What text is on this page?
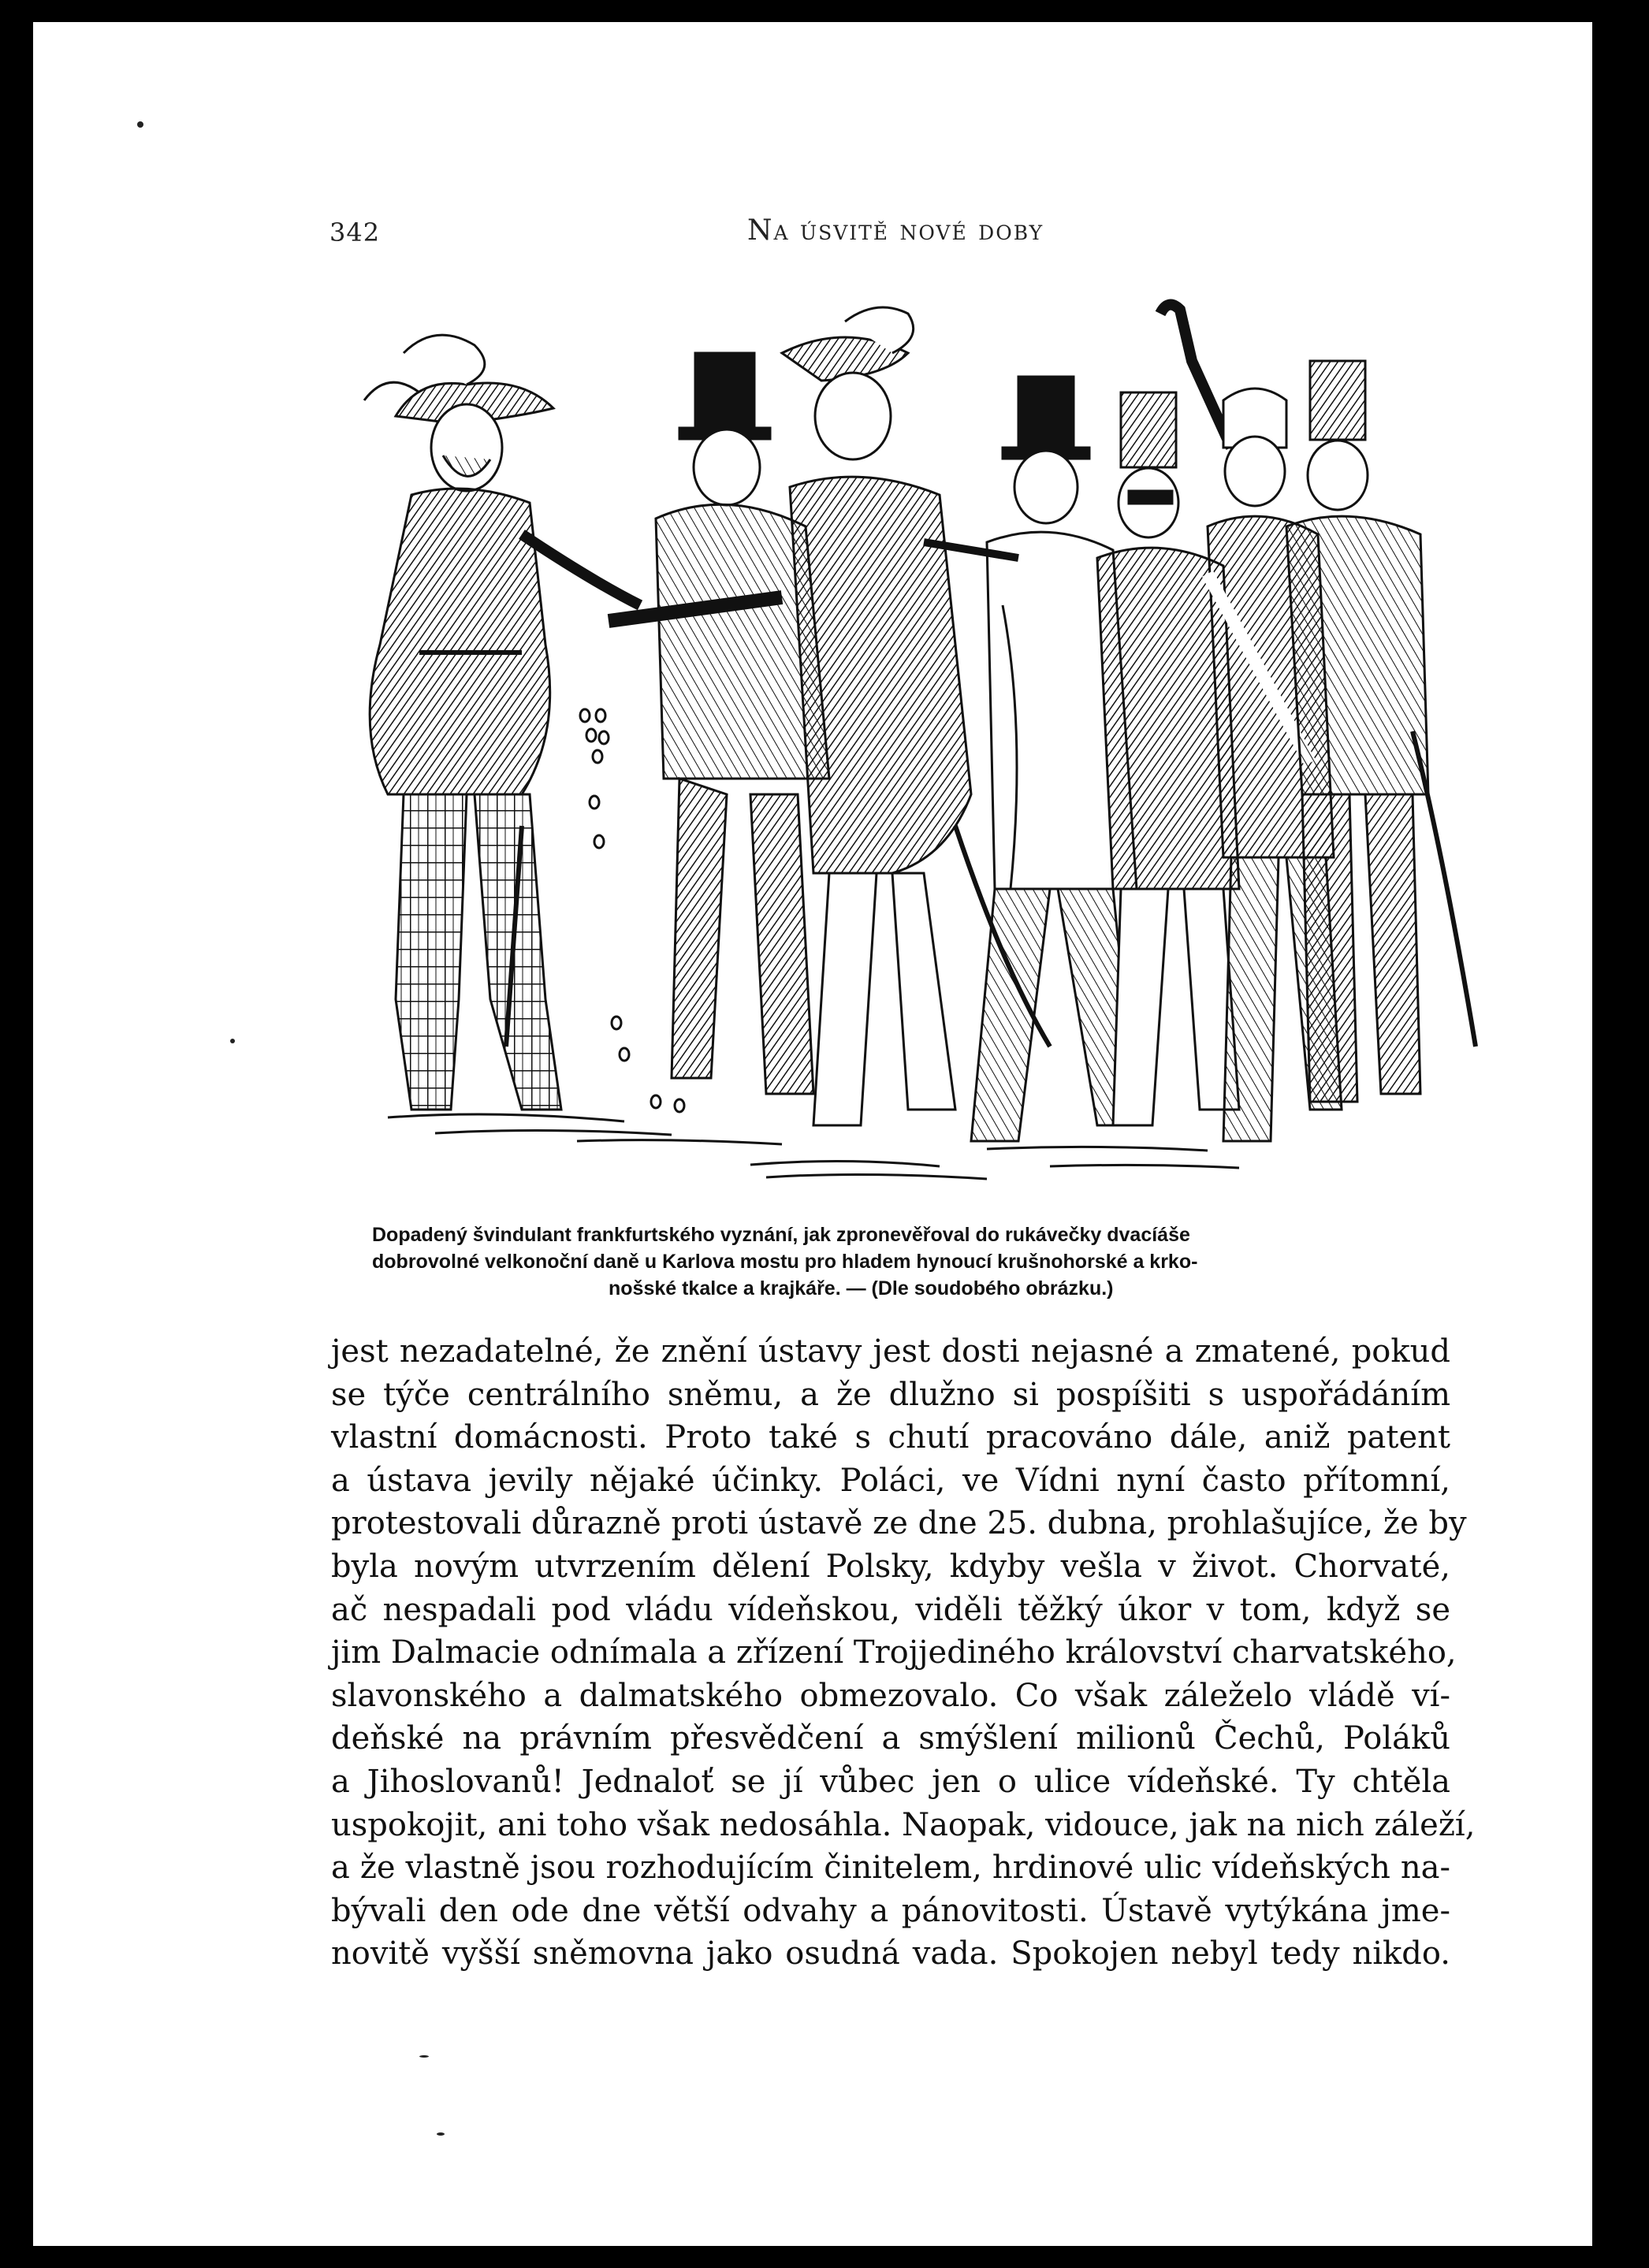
342	Na úsvitě nové doby
Dopadený švindulant frankfurtského vyznání, jak zpronevěřoval do rukávečky dvacíáše
dobrovolné velkonoční daně u Karlova mostu pro hladem hynoucí krušnohorské a krko-
nošské tkalce a krajkáře. — (Dle soudobého obrázku.)
jest nezadatelné, že znění ústavy jest dosti nejasné a zmatené, pokud
se týče centrálního sněmu, a že dlužno si pospíšiti s uspořádáním
vlastní domácnosti. Proto také s chutí pracováno dále, aniž patent
a ústava jevily nějaké účinky. Poláci, ve Vídni nyní často přítomní,
protestovali důrazně proti ústavě ze dne 25. dubna, prohlašujíce, že by
byla novým utvrzením dělení Polsky, kdyby vešla v život. Chorvaté,
ač nespadali pod vládu vídeňskou, viděli těžký úkor v tom, když se
jim Dalmacie odnímala a zřízení Trojjediného království charvatského,
slavonského a dalmatského obmezovalo. Co však záleželo vládě ví-
deňské na právním přesvědčení a smýšlení milionů Čechů, Poláků
a Jihoslovanů! Jednaloť se jí vůbec jen o ulice vídeňské. Ty chtěla
uspokojit, ani toho však nedosáhla. Naopak, vidouce, jak na nich záleží,
a že vlastně jsou rozhodujícím činitelem, hrdinové ulic vídeňských na-
bývali den ode dne větší odvahy a pánovitosti. Ústavě vytýkána jme-
novitě vyšší sněmovna jako osudná vada. Spokojen nebyl tedy nikdo.
